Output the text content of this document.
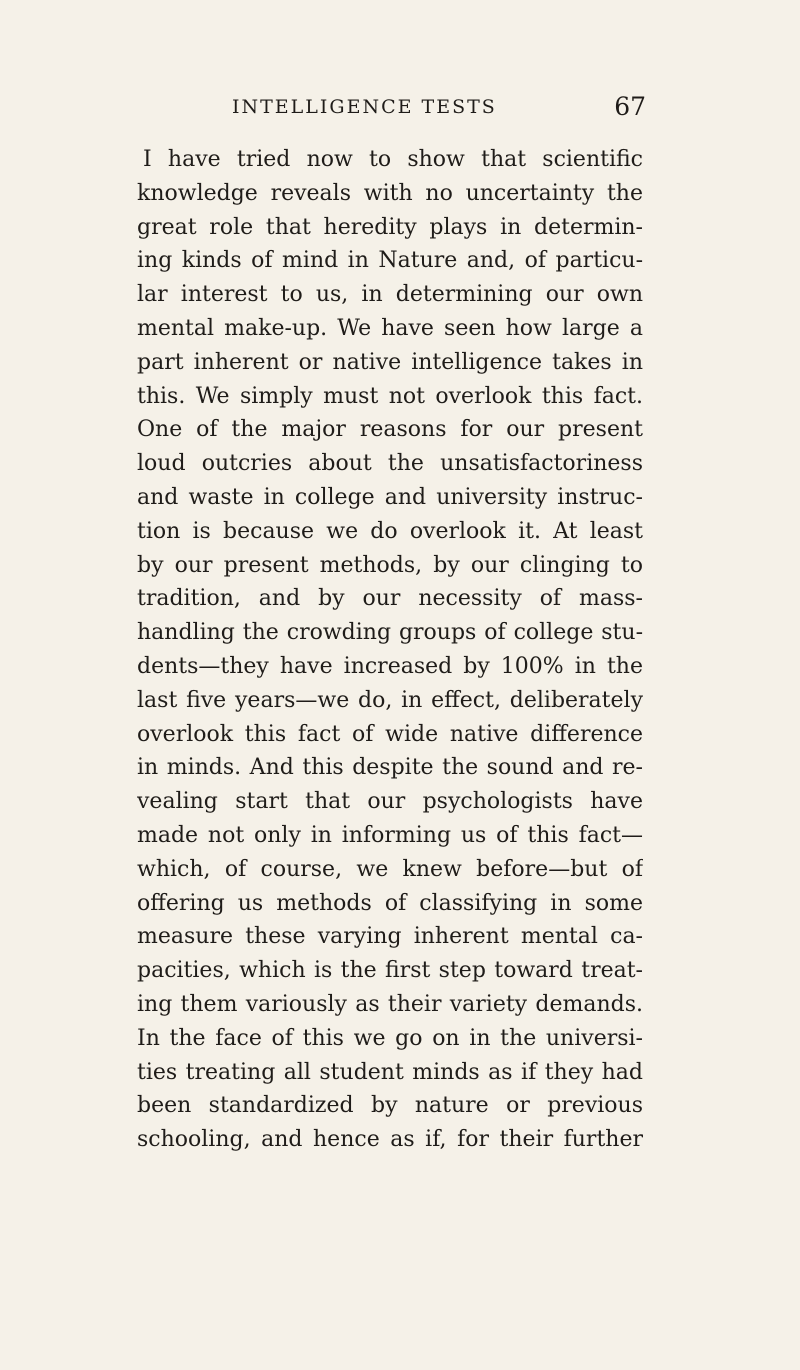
INTELLIGENCE TESTS	67
I have tried now to show that scientific
knowledge reveals with no uncertainty the
great role that heredity plays in determin-
ing kinds of mind in Nature and, of particu-
lar interest to us, in determining our own
mental make-up. We have seen how large a
part inherent or native intelligence takes in
this. We simply must not overlook this fact.
One of the major reasons for our present
loud outcries about the unsatisfactoriness
and waste in college and university instruc-
tion is because we do overlook it. At least
by our present methods, by our clinging to
tradition, and by our necessity of mass-
handling the crowding groups of college stu-
dents—they have increased by 100% in the
last five years—we do, in effect, deliberately
overlook this fact of wide native difference
in minds. And this despite the sound and re-
vealing start that our psychologists have
made not only in informing us of this fact—
which, of course, we knew before—but of
offering us methods of classifying in some
measure these varying inherent mental ca-
pacities, which is the first step toward treat-
ing them variously as their variety demands.
In the face of this we go on in the universi-
ties treating all student minds as if they had
been standardized by nature or previous
schooling, and hence as if, for their further
